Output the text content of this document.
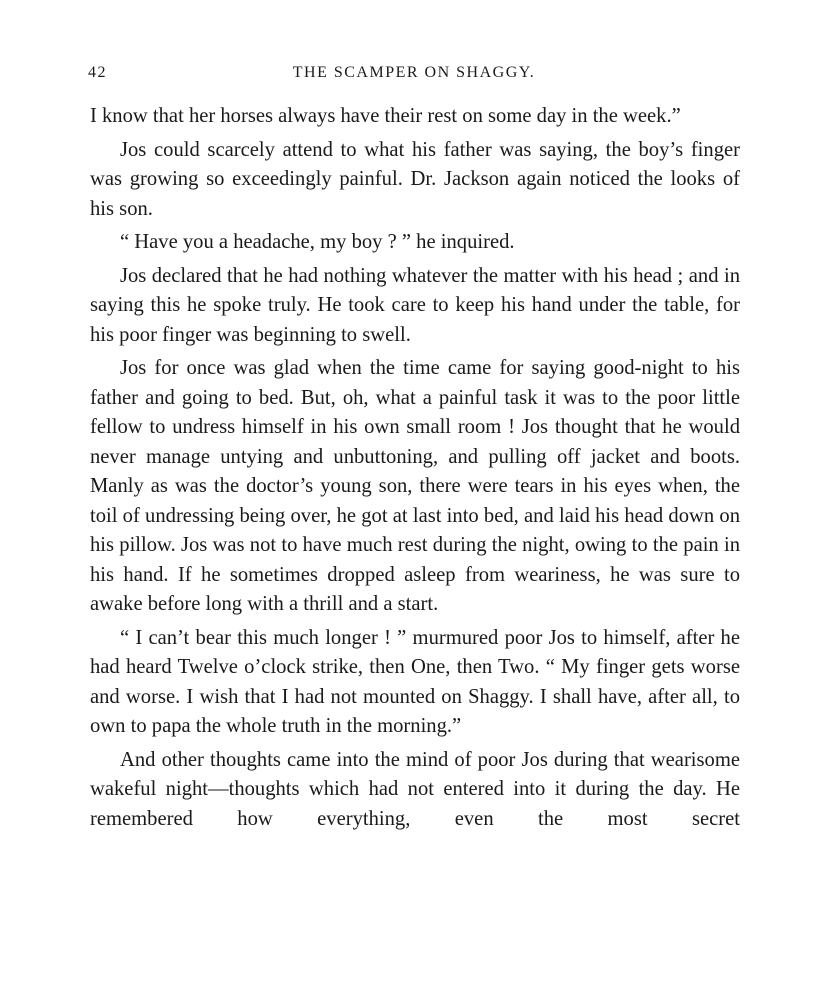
42	THE SCAMPER ON SHAGGY.

I know that her horses always have their rest on some day in the week.”

Jos could scarcely attend to what his father was saying, the boy’s finger was growing so exceedingly painful. Dr. Jackson again noticed the looks of his son.

“ Have you a headache, my boy ? ” he inquired.

Jos declared that he had nothing whatever the matter with his head ; and in saying this he spoke truly. He took care to keep his hand under the table, for his poor finger was beginning to swell.

Jos for once was glad when the time came for saying good-night to his father and going to bed. But, oh, what a painful task it was to the poor little fellow to undress himself in his own small room ! Jos thought that he would never manage untying and unbuttoning, and pulling off jacket and boots. Manly as was the doctor’s young son, there were tears in his eyes when, the toil of undressing being over, he got at last into bed, and laid his head down on his pillow. Jos was not to have much rest during the night, owing to the pain in his hand. If he sometimes dropped asleep from weariness, he was sure to awake before long with a thrill and a start.

“ I can’t bear this much longer ! ” murmured poor Jos to himself, after he had heard Twelve o’clock strike, then One, then Two. “ My finger gets worse and worse. I wish that I had not mounted on Shaggy. I shall have, after all, to own to papa the whole truth in the morning.”

And other thoughts came into the mind of poor Jos during that wearisome wakeful night—thoughts which had not entered into it during the day. He remembered how everything, even the most secret
